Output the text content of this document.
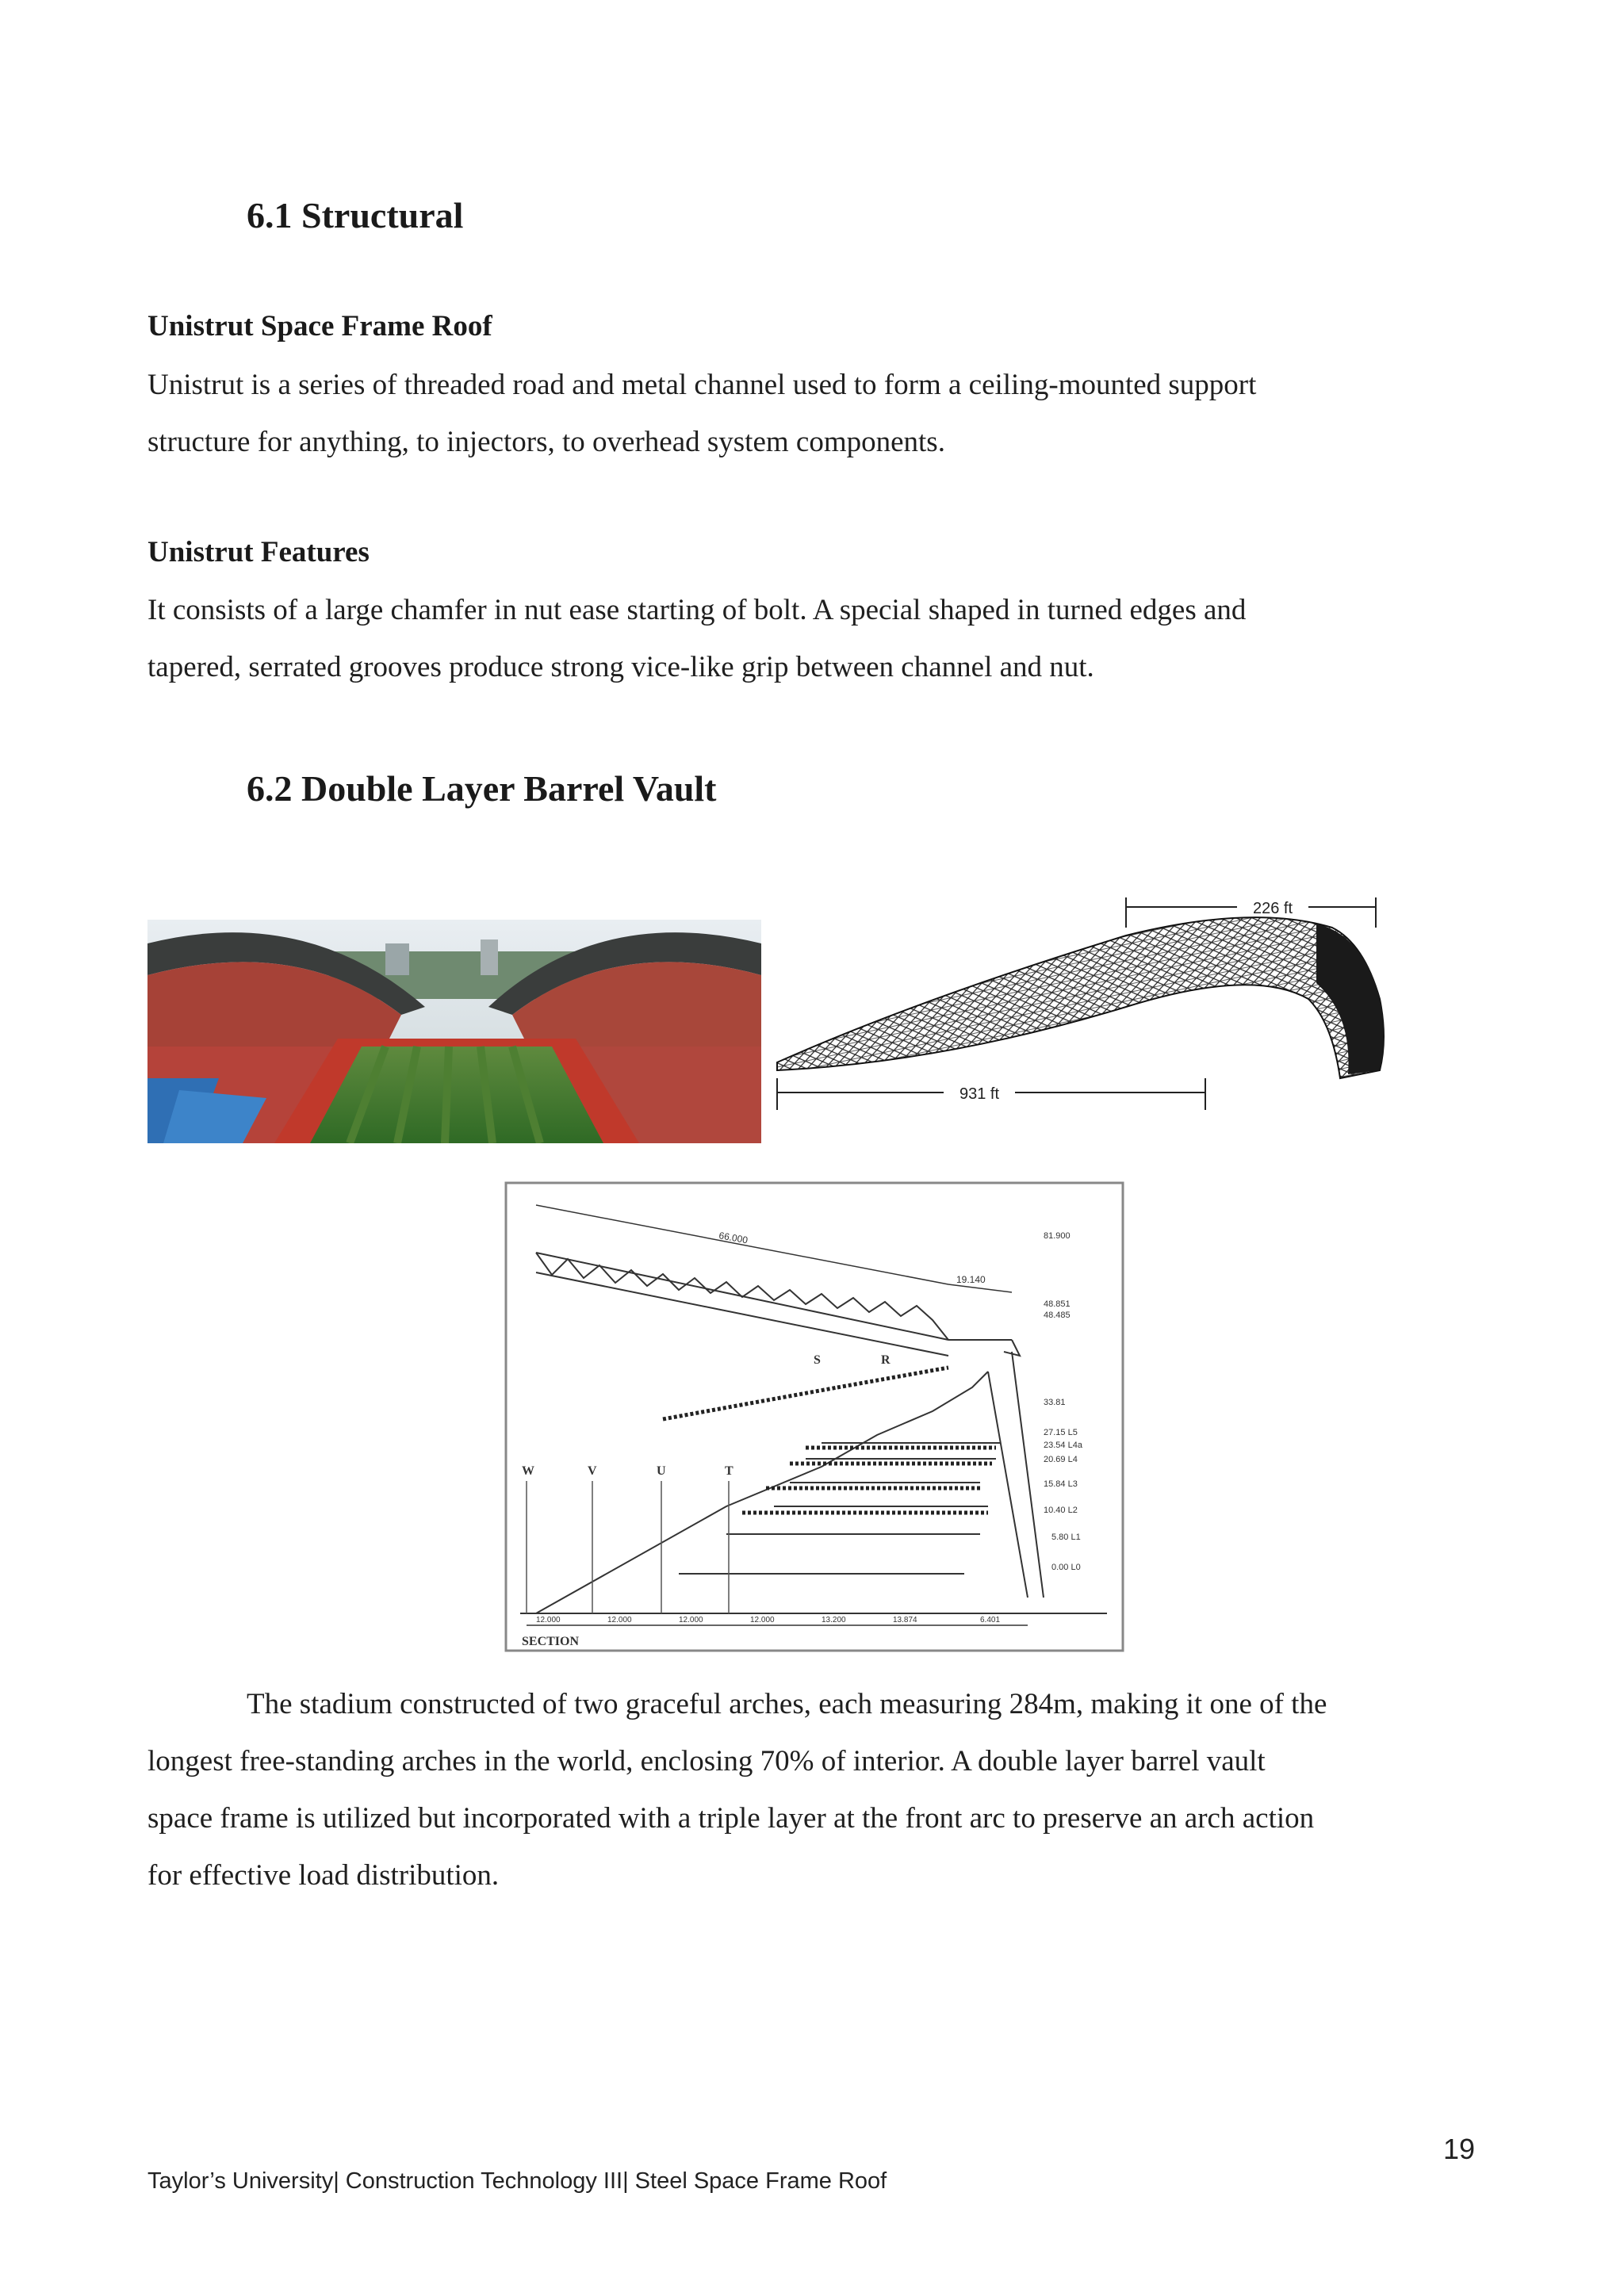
6.1 Structural
Unistrut Space Frame Roof

Unistrut is a series of threaded road and metal channel used to form a ceiling-mounted support

structure for anything, to injectors, to overhead system components.

Unistrut Features

It consists of a large chamfer in nut ease starting of bolt. A special shaped in turned edges and

tapered, serrated grooves produce strong vice-like grip between channel and nut.

6.2 Double Layer Barrel Vault
226 ft
931 ft
66.000
19.140
W	V	U	T
S	R
81.900
48.851
48.485
33.81
27.15 L5
23.54 L4a
20.69 L4
15.84 L3
10.40 L2
5.80 L1
0.00 L0
12.000	12.000	12.000	12.000	13.200	13.874	6.401
SECTION

The stadium constructed of two graceful arches, each measuring 284m, making it one of the

longest free-standing arches in the world, enclosing 70% of interior. A double layer barrel vault

space frame is utilized but incorporated with a triple layer at the front arc to preserve an arch action

for effective load distribution.

19
Taylor’s University| Construction Technology III| Steel Space Frame Roof
